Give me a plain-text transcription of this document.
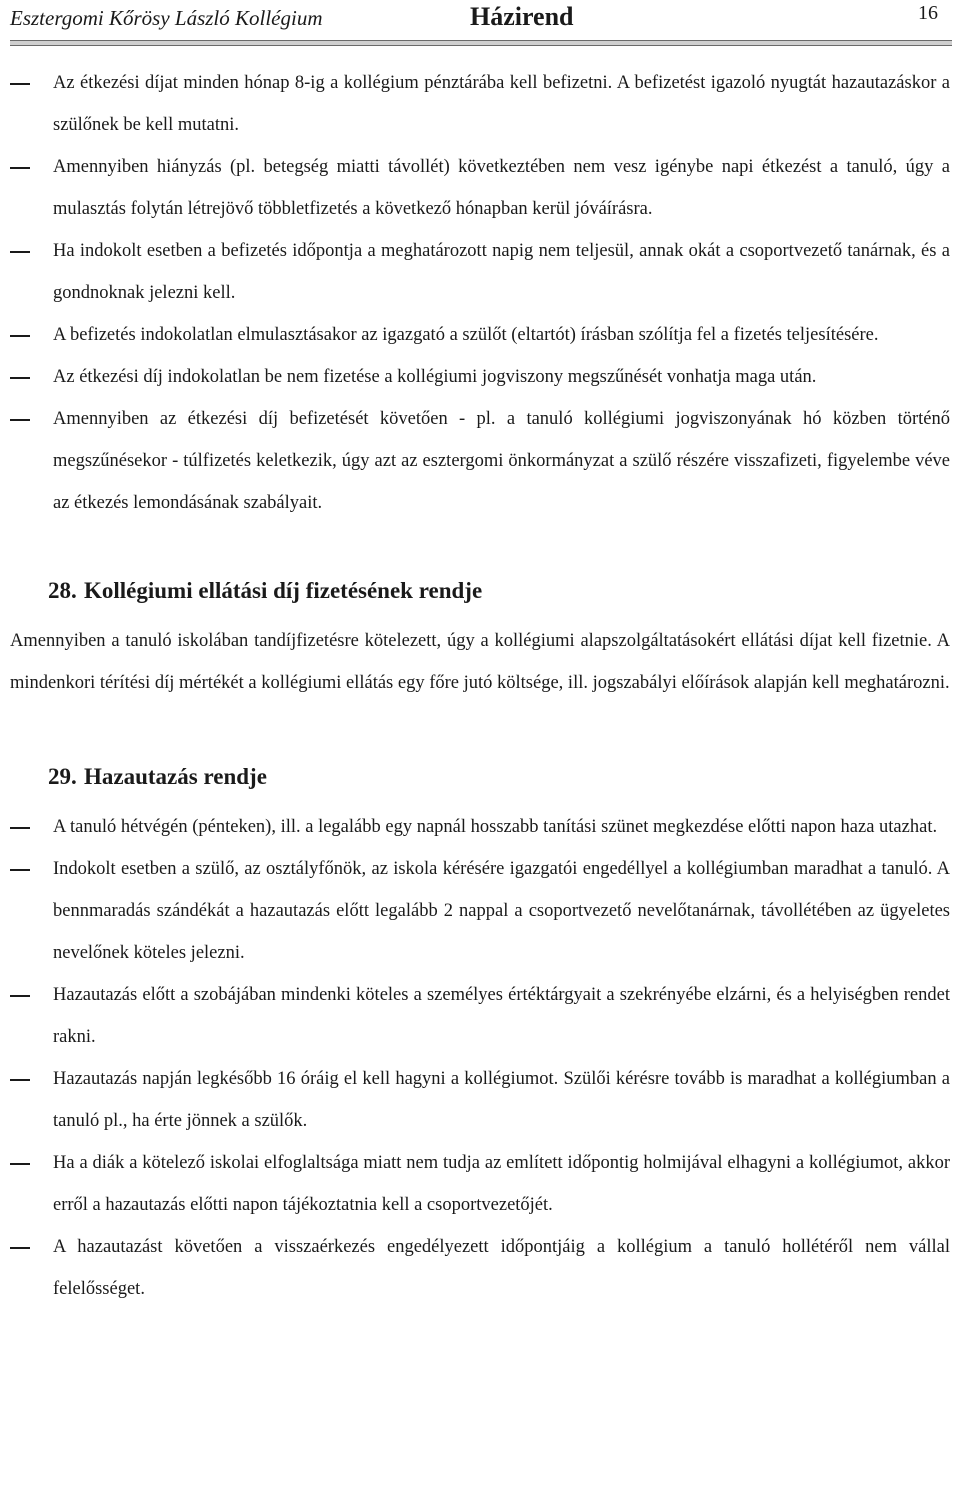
Esztergomi Kőrösy László Kollégium	Házirend	16
Az étkezési díjat minden hónap 8-ig a kollégium pénztárába kell befizetni. A befizetést igazoló nyugtát hazautazáskor a szülőnek be kell mutatni.
Amennyiben hiányzás (pl. betegség miatti távollét) következtében nem vesz igénybe napi étkezést a tanuló, úgy a mulasztás folytán létrejövő többletfizetés a következő hónapban kerül jóváírásra.
Ha indokolt esetben a befizetés időpontja a meghatározott napig nem teljesül, annak okát a csoportvezető tanárnak, és a gondnoknak jelezni kell.
A befizetés indokolatlan elmulasztásakor az igazgató a szülőt (eltartót) írásban szólítja fel a fizetés teljesítésére.
Az étkezési díj indokolatlan be nem fizetése a kollégiumi jogviszony megszűnését vonhatja maga után.
Amennyiben az étkezési díj befizetését követően - pl. a tanuló kollégiumi jogviszonyának hó közben történő megszűnésekor - túlfizetés keletkezik, úgy azt az esztergomi önkormányzat a szülő részére visszafizeti, figyelembe véve az étkezés lemondásának szabályait.
28. Kollégiumi ellátási díj fizetésének rendje

Amennyiben a tanuló iskolában tandíjfizetésre kötelezett, úgy a kollégiumi alapszolgáltatásokért ellátási díjat kell fizetnie. A mindenkori térítési díj mértékét a kollégiumi ellátás egy főre jutó költsége, ill. jogszabályi előírások alapján kell meghatározni.

29. Hazautazás rendje
A tanuló hétvégén (pénteken), ill. a legalább egy napnál hosszabb tanítási szünet megkezdése előtti napon haza utazhat.
Indokolt esetben a szülő, az osztályfőnök, az iskola kérésére igazgatói engedéllyel a kollégiumban maradhat a tanuló. A bennmaradás szándékát a hazautazás előtt legalább 2 nappal a csoportvezető nevelőtanárnak, távollétében az ügyeletes nevelőnek köteles jelezni.
Hazautazás előtt a szobájában mindenki köteles a személyes értéktárgyait a szekrényébe elzárni, és a helyiségben rendet rakni.
Hazautazás napján legkésőbb 16 óráig el kell hagyni a kollégiumot. Szülői kérésre tovább is maradhat a kollégiumban a tanuló pl., ha érte jönnek a szülők.
Ha a diák a kötelező iskolai elfoglaltsága miatt nem tudja az említett időpontig holmijával elhagyni a kollégiumot, akkor erről a hazautazás előtti napon tájékoztatnia kell a csoportvezetőjét.
A hazautazást követően a visszaérkezés engedélyezett időpontjáig a kollégium a tanuló hollétéről nem vállal felelősséget.
